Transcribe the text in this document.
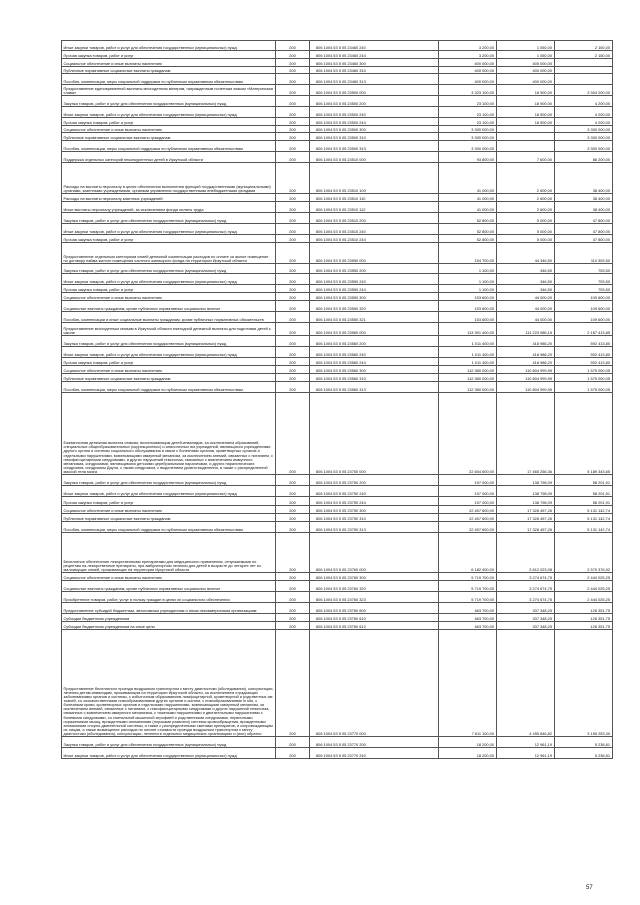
Иные закупки товаров, работ и услуг для обеспечения государственных (муниципальных) нужд	200	806 1004 53 5 05 23460 240	3 200,00	1 050,00	2 150,00
Прочая закупка товаров, работ и услуг	200	806 1004 53 5 05 23460 244	3 200,00	1 050,00	2 150,00
Социальное обеспечение и иные выплаты населению	200	806 1004 53 5 05 23460 300	400 000,00	400 000,00	
Публичные нормативные социальные выплаты гражданам	200	806 1004 53 5 05 23460 310	400 000,00	400 000,00	
Пособия, компенсации, меры социальной поддержки по публичным нормативным обязательствам	200	806 1004 53 5 05 23460 313	400 000,00	400 000,00	
Предоставление единовременной выплаты многодетным матерям, награжденным почетным знаком «Материнская слава»	200	806 1004 53 5 05 23500 000	3 323 100,00	18 900,00	3 304 200,00
Закупка товаров, работ и услуг для обеспечения государственных (муниципальных) нужд	200	806 1004 53 5 05 23500 200	23 100,00	18 900,00	4 200,00
Иные закупки товаров, работ и услуг для обеспечения государственных (муниципальных) нужд	200	806 1004 53 5 05 23500 240	23 100,00	18 900,00	4 200,00
Прочая закупка товаров, работ и услуг	200	806 1004 53 5 05 23500 244	23 100,00	18 900,00	4 200,00
Социальное обеспечение и иные выплаты населению	200	806 1004 53 5 05 23500 300	3 300 000,00		3 300 000,00
Публичные нормативные социальные выплаты гражданам	200	806 1004 53 5 05 23500 310	3 300 000,00		3 300 000,00
Пособия, компенсации, меры социальной поддержки по публичным нормативным обязательствам	200	806 1004 53 5 05 23500 313	3 300 000,00		3 300 000,00
Поддержка отдельных категорий неконкурентных детей в Иркутской области	200	806 1004 53 5 05 23510 000	93 800,00	7 600,00	86 200,00
Расходы на выплаты персоналу в целях обеспечения выполнения функций государственными (муниципальными) органами, казенными учреждениями, органами управления государственными внебюджетными фондами	200	806 1004 53 5 05 23510 100	41 000,00	2 600,00	38 400,00
Расходы на выплаты персоналу казенных учреждений	200	806 1004 53 5 05 23510 110	41 000,00	2 600,00	38 400,00
Иные выплаты персоналу учреждений, за исключением фонда оплаты труда	200	806 1004 53 5 05 23510 112	41 000,00	2 600,00	38 400,00
Закупка товаров, работ и услуг для обеспечения государственных (муниципальных) нужд	200	806 1004 53 5 05 23510 200	52 800,00	5 000,00	47 800,00
Иные закупки товаров, работ и услуг для обеспечения государственных (муниципальных) нужд	200	806 1004 53 5 05 23510 240	52 800,00	5 000,00	47 800,00
Прочая закупка товаров, работ и услуг	200	806 1004 53 5 05 23510 244	52 800,00	5 000,00	47 800,00
Предоставление отдельным категориям семей денежной компенсации расходов по оплате за жилое помещение по договору найма жилого помещения частного жилищного фонда на территории Иркутской области	200	806 1004 53 5 05 23550 000	154 700,00	44 346,50	110 353,50
Закупка товаров, работ и услуг для обеспечения государственных (муниципальных) нужд	200	806 1004 53 5 05 23550 200	1 100,00	346,50	753,50
Иные закупки товаров, работ и услуг для обеспечения государственных (муниципальных) нужд	200	806 1004 53 5 05 23550 240	1 100,00	346,50	753,50
Прочая закупка товаров, работ и услуг	200	806 1004 53 5 05 23550 244	1 100,00	346,50	753,50
Социальное обеспечение и иные выплаты населению	200	806 1004 53 5 05 23550 300	153 600,00	44 000,00	109 600,00
Социальные выплаты гражданам, кроме публичных нормативных социальных выплат	200	806 1004 53 5 05 23550 320	153 600,00	44 000,00	109 600,00
Пособия, компенсации и иные социальные выплаты гражданам, кроме публичных нормативных обязательств	200	806 1004 53 5 05 23550 321	153 600,00	44 000,00	109 600,00
Предоставление многодетным семьям в Иркутской области ежегодной денежной выплаты для подготовки детей к школе	200	806 1004 53 5 05 23560 000	113 391 400,00	111 223 986,15	2 167 413,85
Закупка товаров, работ и услуг для обеспечения государственных (муниципальных) нужд	200	806 1004 53 5 05 23560 200	1 011 400,00	418 986,20	592 413,80
Иные закупки товаров, работ и услуг для обеспечения государственных (муниципальных) нужд	200	806 1004 53 5 05 23560 240	1 011 400,00	418 986,20	592 413,80
Прочая закупка товаров, работ и услуг	200	806 1004 53 5 05 23560 244	1 011 400,00	418 986,20	592 413,80
Социальное обеспечение и иные выплаты населению	200	806 1004 53 5 05 23560 300	112 380 000,00	110 804 999,95	1 575 000,05
Публичные нормативные социальные выплаты гражданам	200	806 1004 53 5 05 23560 310	112 380 000,00	110 804 999,95	1 575 000,05
Пособия, компенсации, меры социальной поддержки по публичным нормативным обязательствам	200	806 1004 53 5 05 23560 313	112 380 000,00	110 804 999,95	1 575 000,05
Ежемесячная денежная выплата семьям, воспитывающим детей-инвалидов, за исключением образований, специальных общеобразовательных (коррекционных) и аналогичных им учреждений, являющихся учреждениями другого органа и системы социального обслуживания в связи с болезнями органов, кроветворных органов и отдельными нарушениями, вовлекающими иммунный механизм, за исключением анемий, связанных с питанием, с гемофагоцитарными синдромами, и других нарушений гемопоэза, связанных с вовлечением иммунного механизма, синдромами, являющимися детскими церебральными параличами, и других паралитических синдромов, синдромом Дауна, с таким синдромом, с выделением уровня выделения, а также с распределенной массой тела мозга	200	806 1004 53 5 05 23750 000	22 654 600,00	17 465 256,36	5 189 343,65
Закупка товаров, работ и услуг для обеспечения государственных (муниципальных) нужд	200	806 1004 53 5 05 23750 200	197 000,00	138 798,09	58 201,91
Иные закупки товаров, работ и услуг для обеспечения государственных (муниципальных) нужд	200	806 1004 53 5 05 23750 240	197 000,00	138 798,09	58 201,91
Прочая закупка товаров, работ и услуг	200	806 1004 53 5 05 23750 244	197 000,00	138 798,09	58 201,91
Социальное обеспечение и иные выплаты населению	200	806 1004 53 5 05 23750 300	22 457 600,00	17 326 457,26	5 131 142,74
Публичные нормативные социальные выплаты гражданам	200	806 1004 53 5 05 23750 310	22 457 600,00	17 326 457,26	5 131 142,74
Пособия, компенсации, меры социальной поддержки по публичным нормативным обязательствам	200	806 1004 53 5 05 23750 313	22 457 600,00	17 326 457,26	5 131 142,74
Бесплатное обеспечение лекарственными препаратами для медицинского применения, отпускаемыми по рецептам на лекарственные препараты, при амбулаторном лечении для детей в возрасте до четырех лет из малоимущих семей, проживающих на территории Иркутской области	200	806 1004 53 5 05 23760 000	6 182 400,00	3 612 023,08	2 570 376,92
Социальное обеспечение и иные выплаты населению	200	806 1004 53 5 05 23760 300	5 719 700,00	3 274 674,75	2 444 025,25
Социальные выплаты гражданам, кроме публичных нормативных социальных выплат	200	806 1004 53 5 05 23760 320	5 719 700,00	3 274 674,75	2 444 025,25
Приобретение товаров, работ, услуг в пользу граждан в целях их социального обеспечения	200	806 1004 53 5 05 23760 323	5 719 700,00	3 274 674,75	2 444 025,25
Предоставление субсидий бюджетным, автономным учреждениям и иным некоммерческим организациям	200	806 1004 53 5 05 23760 600	463 700,00	337 348,25	126 351,75
Субсидии бюджетным учреждениям	200	806 1004 53 5 05 23760 610	463 700,00	337 348,25	126 351,75
Субсидии бюджетным учреждениям на иные цели	200	806 1004 53 5 05 23760 612	463 700,00	337 348,25	126 351,75
Предоставление бесплатного проезда воздушным транспортом к месту диагностики (обследования), консультации, лечения детям-инвалидам, проживающим на территории Иркутской области, за исключением страдающих заболеваниями органов и системы, с избыточным образованием лимфоцитарной, кроветворной и родственных им тканей, со злокачественными новообразованиями других органов и систем, с новообразованиями in situ, с болезнями крови, кроветворных органов и отдельными нарушениями, вовлекающими иммунный механизм, за исключением анемий, связанных с питанием, с гемофагоцитарными синдромами и других нарушений гемопоэза, связанных с вовлечением иммунного механизма, с тяжелыми нарушениями и двигательными нарушениями с болевыми синдромами, со спинальной мышечной атрофией и родственными синдромами, первичными поражениями мышц, врожденными аномалиями (пороками развития) системы кровообращения, врожденными аномалиями опорно-двигательной системы, а также с распределенными сменами препаратов, и сопровождающим их лицам, а также возмещение расходов по оплате стоимости проезда воздушным транспортом к месту диагностики (обследования), консультации, лечения в отдельных медицинских организациях и (или) обратно	200	806 1004 53 5 05 23770 000	7 611 100,00	4 455 846,82	3 155 253,30
Закупка товаров, работ и услуг для обеспечения государственных (муниципальных) нужд	200	806 1004 53 5 05 23770 200	18 200,00	12 961,19	5 238,81
Иные закупки товаров, работ и услуг для обеспечения государственных (муниципальных) нужд	200	806 1004 53 5 05 23770 240	18 200,00	12 961,19	5 238,81
57
